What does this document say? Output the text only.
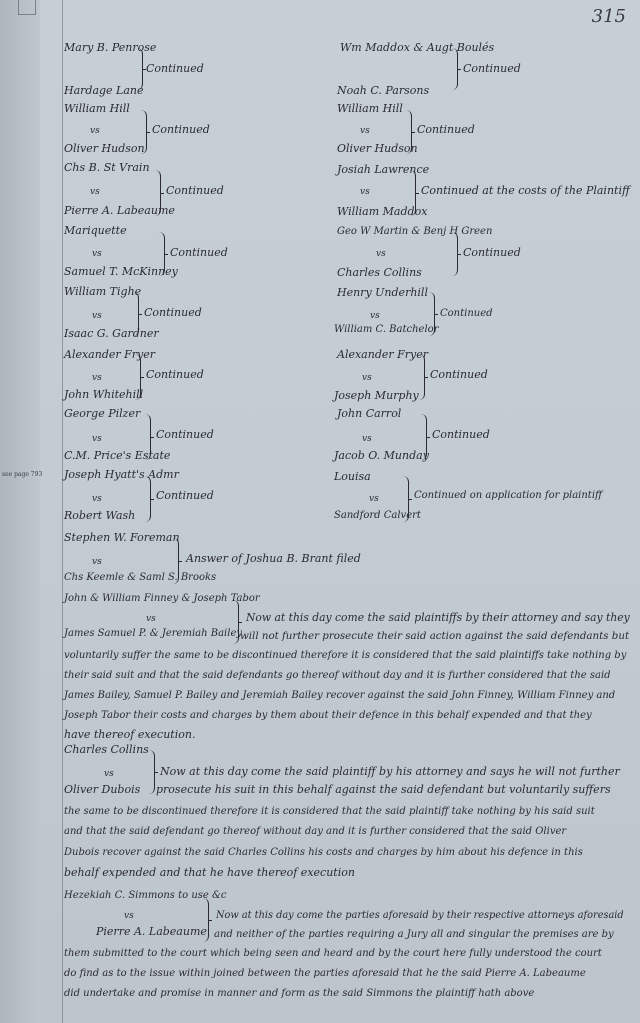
315
see page 793
Mary B. Penrose
Continued
Hardage Lane
Wm Maddox & Augt Boulés
Continued
Noah C. Parsons
William Hill
vs	Continued
Oliver Hudson
William Hill
vs	Continued
Oliver Hudson
Chs B. St Vrain
vs	Continued
Pierre A. Labeaume
Josiah Lawrence
vs	Continued at the costs of the Plaintiff
William Maddox
Mariquette
vs	Continued
Samuel T. McKinney
Geo W Martin & Benj H Green
vs	Continued
Charles Collins
William Tighe
vs	Continued
Isaac G. Gardner
Henry Underhill
vs	Continued
William C. Batchelor
Alexander Fryer
vs	Continued
John Whitehill
Alexander Fryer
vs	Continued
Joseph Murphy
George Pilzer
vs	Continued
C.M. Price's Estate
John Carrol
vs	Continued
Jacob O. Munday
Joseph Hyatt's Admr
vs	Continued
Robert Wash
Louisa
vs	Continued on application for plaintiff
Sandford Calvert
Stephen W. Foreman
vs	Answer of Joshua B. Brant filed
Chs Keemle & Saml S. Brooks
John & William Finney & Joseph Tabor
vs
James Samuel P. & Jeremiah Bailey
Now at this day come the said plaintiffs by their attorney and say they
will not further prosecute their said action against the said defendants but
voluntarily suffer the same to be discontinued therefore it is considered that the said plaintiffs take nothing by
their said suit and that the said defendants go thereof without day and it is further considered that the said
James Bailey, Samuel P. Bailey and Jeremiah Bailey recover against the said John Finney, William Finney and
Joseph Tabor their costs and charges by them about their defence in this behalf expended and that they
have thereof execution.
Charles Collins
vs
Oliver Dubois
Now at this day come the said plaintiff by his attorney and says he will not further
prosecute his suit in this behalf against the said defendant but voluntarily suffers
the same to be discontinued therefore it is considered that the said plaintiff take nothing by his said suit
and that the said defendant go thereof without day and it is further considered that the said Oliver
Dubois recover against the said Charles Collins his costs and charges by him about his defence in this
behalf expended and that he have thereof execution
Hezekiah C. Simmons to use &c
vs
Pierre A. Labeaume
Now at this day come the parties aforesaid by their respective attorneys aforesaid
and neither of the parties requiring a Jury all and singular the premises are by
them submitted to the court which being seen and heard and by the court here fully understood the court
do find as to the issue within joined between the parties aforesaid that he the said Pierre A. Labeaume
did undertake and promise in manner and form as the said Simmons the plaintiff hath above
